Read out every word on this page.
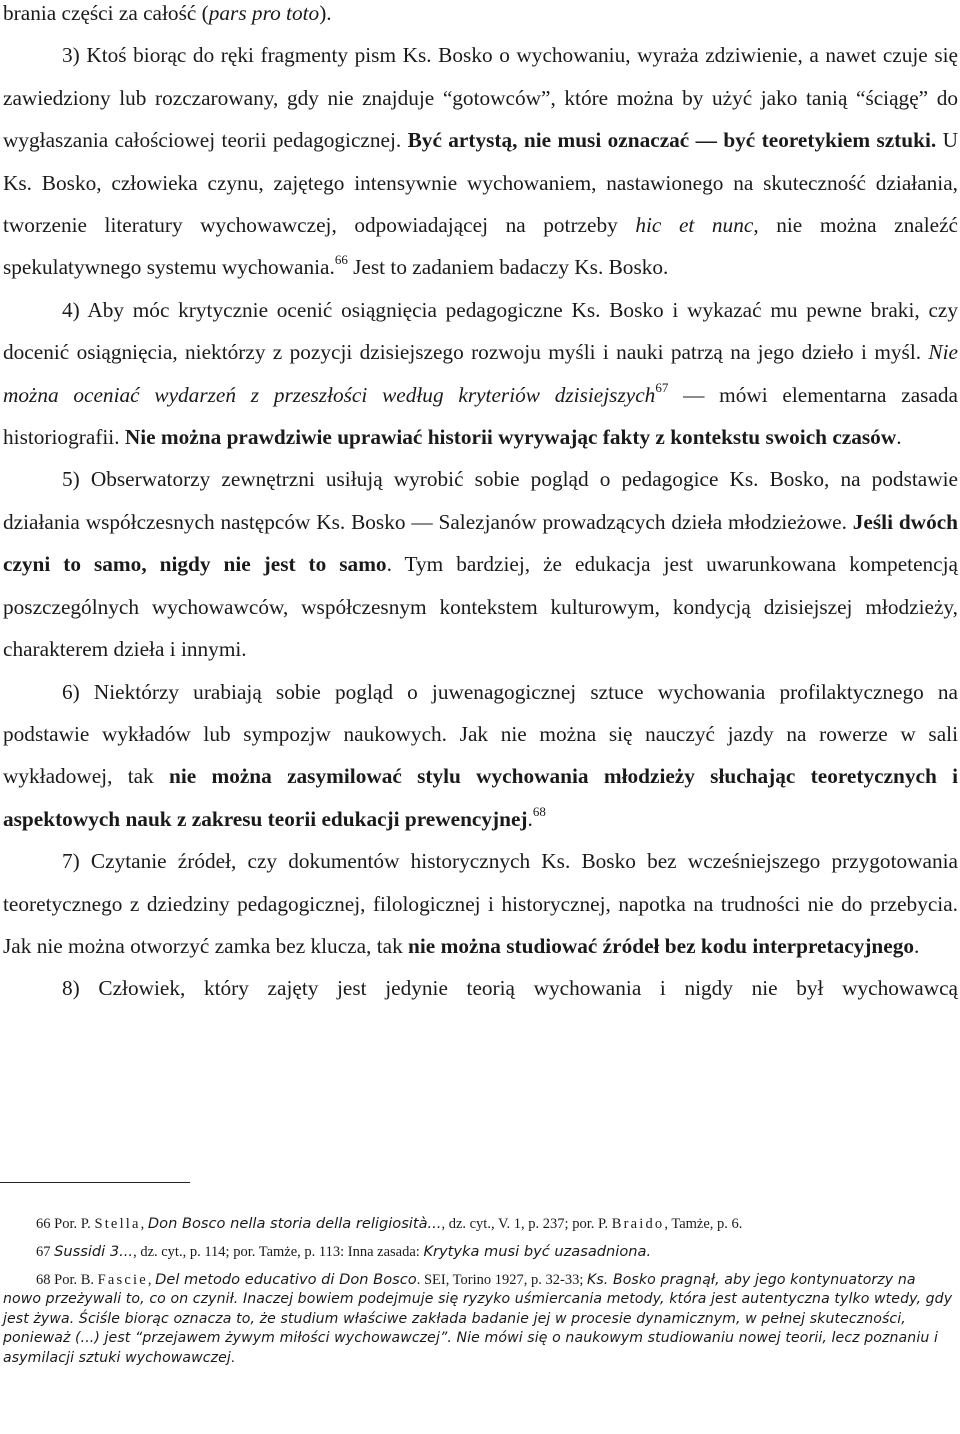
brania części za całość (pars pro toto).

3) Ktoś biorąc do ręki fragmenty pism Ks. Bosko o wychowaniu, wyraża zdziwienie, a nawet czuje się zawiedziony lub rozczarowany, gdy nie znajduje “gotowców”, które można by użyć jako tanią “ściągę” do wygłaszania całościowej teorii pedagogicznej. Być artystą, nie musi oznaczać — być teoretykiem sztuki. U Ks. Bosko, człowieka czynu, zajętego intensywnie wychowaniem, nastawionego na skuteczność działania, tworzenie literatury wychowawczej, odpowiadającej na potrzeby hic et nunc, nie można znaleźć spekulatywnego systemu wychowania.$^{66}$ Jest to zadaniem badaczy Ks. Bosko.

4) Aby móc krytycznie ocenić osiągnięcia pedagogiczne Ks. Bosko i wykazać mu pewne braki, czy docenić osiągnięcia, niektórzy z pozycji dzisiejszego rozwoju myśli i nauki patrzą na jego dzieło i myśl. Nie można oceniać wydarzeń z przeszłości według kryteriów dzisiejszych$^{67}$ — mówi elementarna zasada historiografii. Nie można prawdziwie uprawiać historii wyrywając fakty z kontekstu swoich czasów.

5) Obserwatorzy zewnętrzni usiłują wyrobić sobie pogląd o pedagogice Ks. Bosko, na podstawie działania współczesnych następców Ks. Bosko — Salezjanów prowadzących dzieła młodzieżowe. Jeśli dwóch czyni to samo, nigdy nie jest to samo. Tym bardziej, że edukacja jest uwarunkowana kompetencją poszczególnych wychowawców, współczesnym kontekstem kulturowym, kondycją dzisiejszej młodzieży, charakterem dzieła i innymi.

6) Niektórzy urabiają sobie pogląd o juwenagogicznej sztuce wychowania profilaktycznego na podstawie wykładów lub sympozjw naukowych. Jak nie można się nauczyć jazdy na rowerze w sali wykładowej, tak nie można zasymilować stylu wychowania młodzieży słuchając teoretycznych i aspektowych nauk z zakresu teorii edukacji prewencyjnej.$^{68}$

7) Czytanie źródeł, czy dokumentów historycznych Ks. Bosko bez wcześniejszego przygotowania teoretycznego z dziedziny pedagogicznej, filologicznej i historycznej, napotka na trudności nie do przebycia. Jak nie można otworzyć zamka bez klucza, tak nie można studiować źródeł bez kodu interpretacyjnego.

8) Człowiek, który zajęty jest jedynie teorią wychowania i nigdy nie był wychowawcą

66 Por. P. Stella, Don Bosco nella storia della religiosità..., dz. cyt., V. 1, p. 237; por. P. Braido, Tamże, p. 6.

67 Sussidi 3..., dz. cyt., p. 114; por. Tamże, p. 113: Inna zasada: Krytyka musi być uzasadniona.

68 Por. B. Fascie, Del metodo educativo di Don Bosco. SEI, Torino 1927, p. 32-33; Ks. Bosko pragnął, aby jego kontynuatorzy na nowo przeżywali to, co on czynił. Inaczej bowiem podejmuje się ryzyko uśmiercania metody, która jest autentyczna tylko wtedy, gdy jest żywa. Ściśle biorąc oznacza to, że studium właściwe zakłada badanie jej w procesie dynamicznym, w pełnej skuteczności, ponieważ (...) jest “przejawem żywym miłości wychowawczej”. Nie mówi się o naukowym studiowaniu nowej teorii, lecz poznaniu i asymilacji sztuki wychowawczej.
